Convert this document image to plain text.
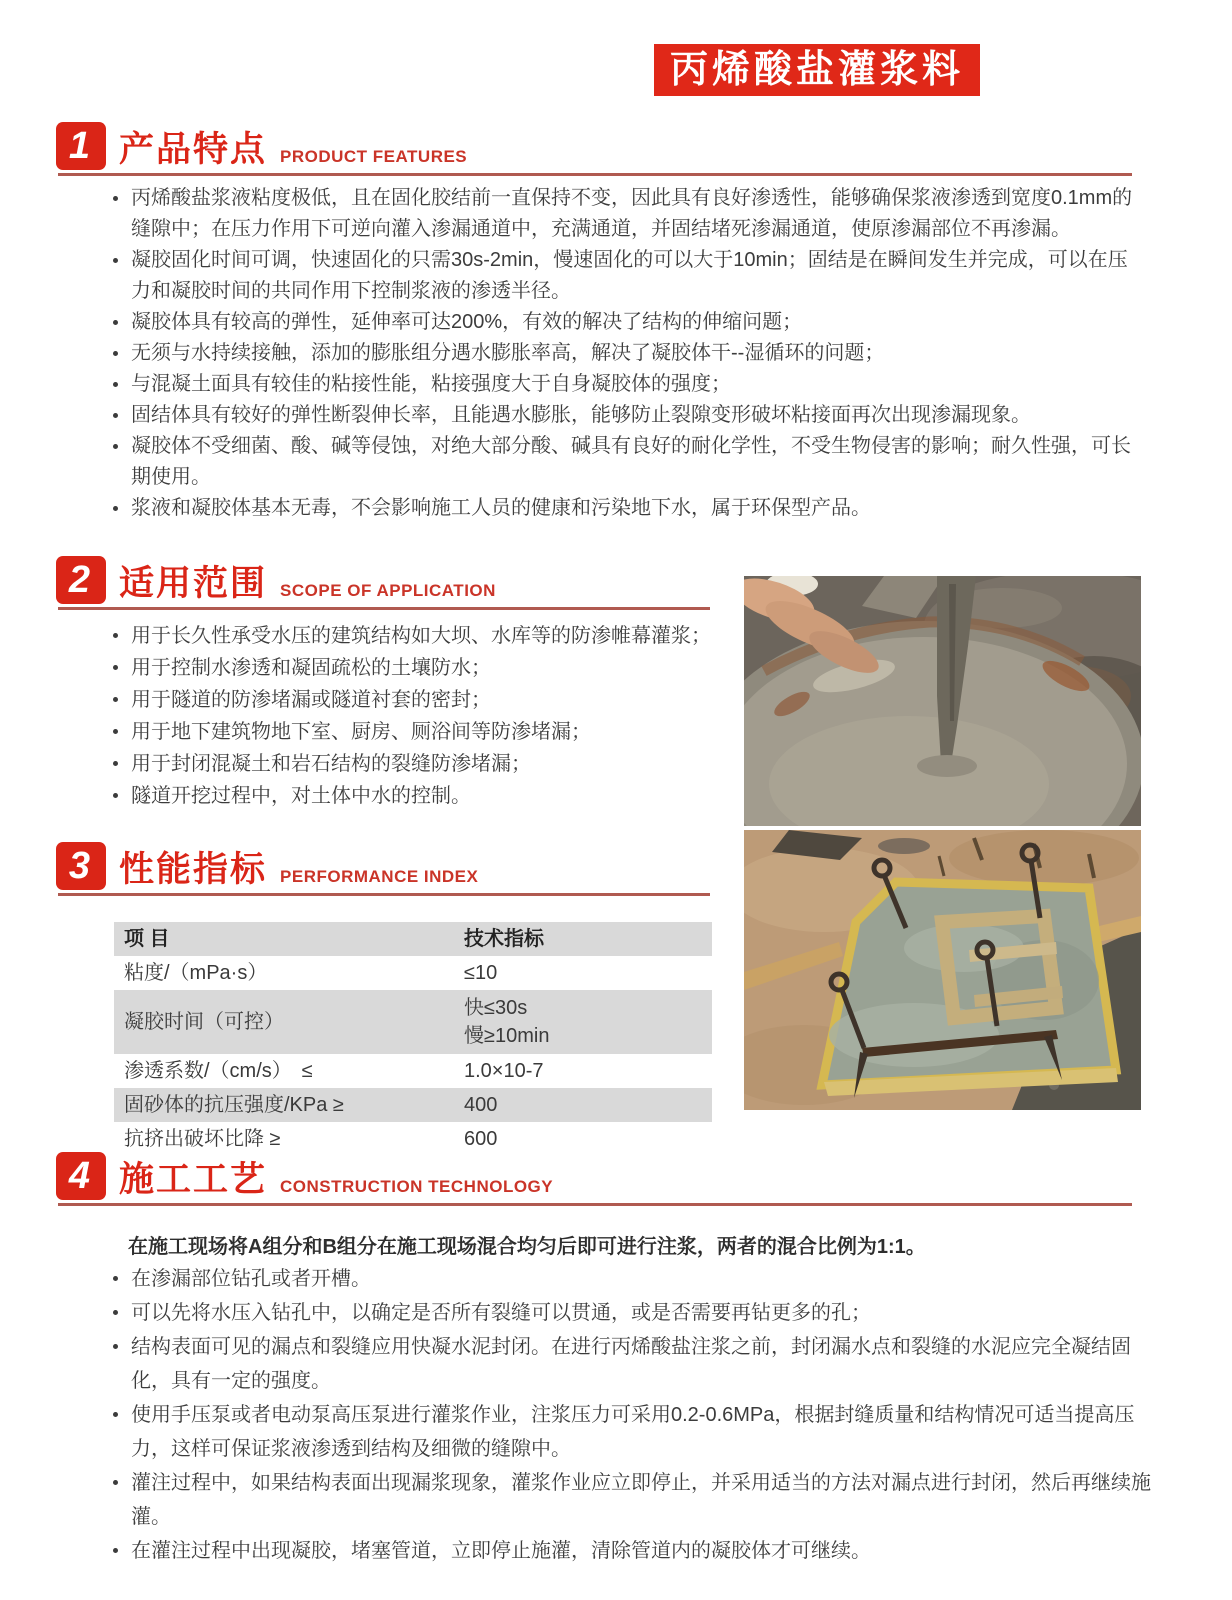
丙烯酸盐灌浆料
1 产品特点 PRODUCT FEATURES
丙烯酸盐浆液粘度极低，且在固化胶结前一直保持不变，因此具有良好渗透性，能够确保浆液渗透到宽度0.1mm的缝隙中；在压力作用下可逆向灌入渗漏通道中，充满通道，并固结堵死渗漏通道，使原渗漏部位不再渗漏。
凝胶固化时间可调，快速固化的只需30s-2min，慢速固化的可以大于10min；固结是在瞬间发生并完成，可以在压力和凝胶时间的共同作用下控制浆液的渗透半径。
凝胶体具有较高的弹性，延伸率可达200%，有效的解决了结构的伸缩问题；
无须与水持续接触，添加的膨胀组分遇水膨胀率高，解决了凝胶体干--湿循环的问题；
与混凝土面具有较佳的粘接性能，粘接强度大于自身凝胶体的强度；
固结体具有较好的弹性断裂伸长率，且能遇水膨胀，能够防止裂隙变形破坏粘接面再次出现渗漏现象。
凝胶体不受细菌、酸、碱等侵蚀，对绝大部分酸、碱具有良好的耐化学性，不受生物侵害的影响；耐久性强，可长期使用。
浆液和凝胶体基本无毒，不会影响施工人员的健康和污染地下水，属于环保型产品。
2 适用范围 SCOPE OF APPLICATION
用于长久性承受水压的建筑结构如大坝、水库等的防渗帷幕灌浆；
用于控制水渗透和凝固疏松的土壤防水；
用于隧道的防渗堵漏或隧道衬套的密封；
用于地下建筑物地下室、厨房、厕浴间等防渗堵漏；
用于封闭混凝土和岩石结构的裂缝防渗堵漏；
隧道开挖过程中，对土体中水的控制。
3 性能指标 PERFORMANCE INDEX
项 目	技术指标
粘度/（mPa·s）	≤10
凝胶时间（可控）	快≤30s
慢≥10min

渗透系数/（cm/s）　≤	1.0×10-7
固砂体的抗压强度/KPa ≥	400
抗挤出破坏比降 ≥	600
4 施工工艺 CONSTRUCTION TECHNOLOGY
在施工现场将A组分和B组分在施工现场混合均匀后即可进行注浆，两者的混合比例为1:1。
在渗漏部位钻孔或者开槽。
可以先将水压入钻孔中，以确定是否所有裂缝可以贯通，或是否需要再钻更多的孔；
结构表面可见的漏点和裂缝应用快凝水泥封闭。在进行丙烯酸盐注浆之前，封闭漏水点和裂缝的水泥应完全凝结固化，具有一定的强度。
使用手压泵或者电动泵高压泵进行灌浆作业，注浆压力可采用0.2-0.6MPa，根据封缝质量和结构情况可适当提高压力，这样可保证浆液渗透到结构及细微的缝隙中。
灌注过程中，如果结构表面出现漏浆现象，灌浆作业应立即停止，并采用适当的方法对漏点进行封闭，然后再继续施灌。
在灌注过程中出现凝胶，堵塞管道，立即停止施灌，清除管道内的凝胶体才可继续。
